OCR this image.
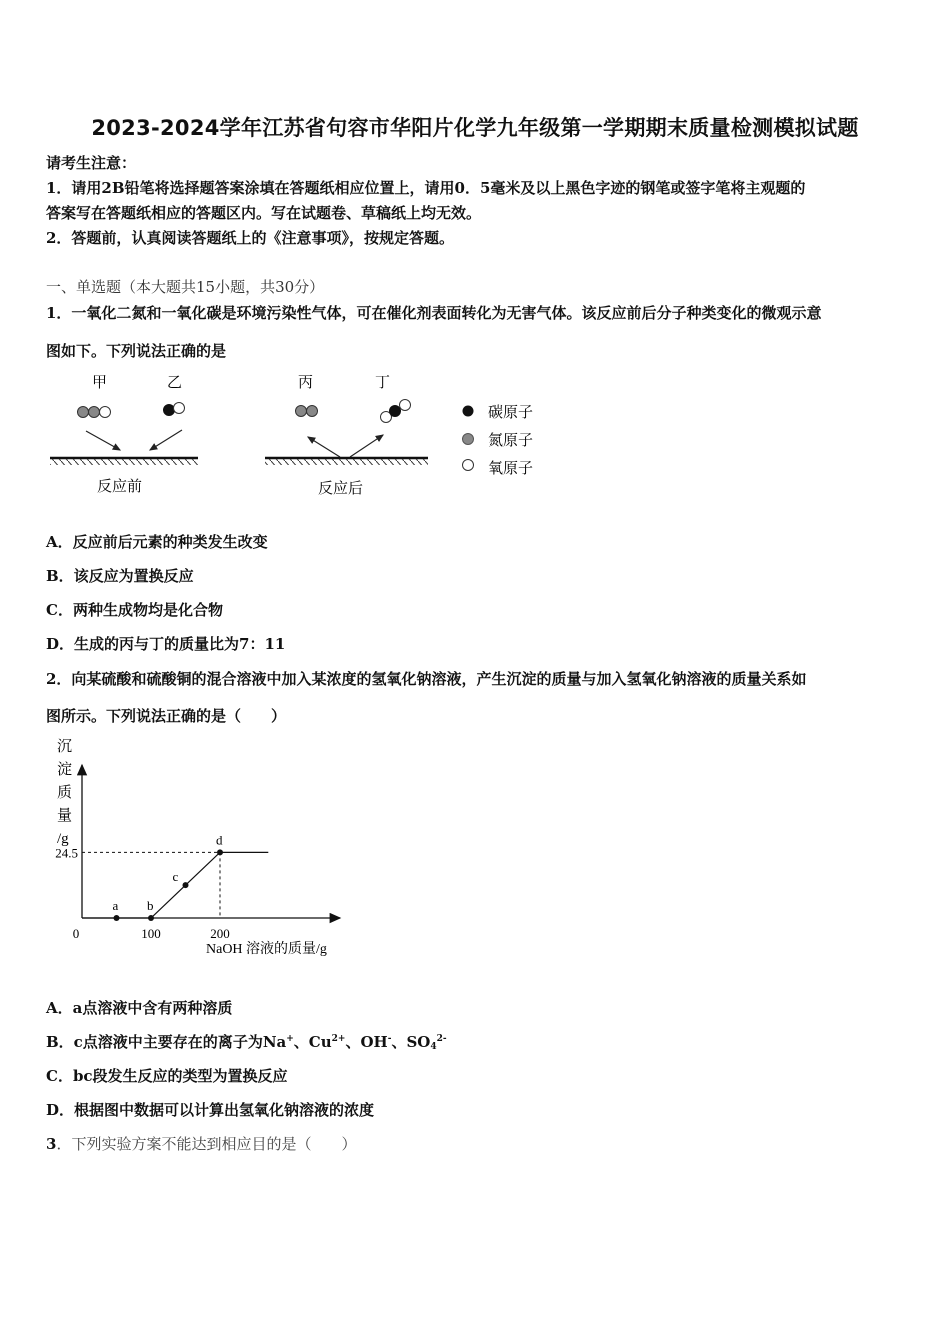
2023-2024学年江苏省句容市华阳片化学九年级第一学期期末质量检测模拟试题
请考生注意：
1．请用2B铅笔将选择题答案涂填在答题纸相应位置上，请用0．5毫米及以上黑色字迹的钢笔或签字笔将主观题的
答案写在答题纸相应的答题区内。写在试题卷、草稿纸上均无效。
2．答题前，认真阅读答题纸上的《注意事项》，按规定答题。
一、单选题（本大题共15小题，共30分）
1．一氧化二氮和一氧化碳是环境污染性气体，可在催化剂表面转化为无害气体。该反应前后分子种类变化的微观示意
图如下。下列说法正确的是
甲	乙	丙	丁
反应前	反应后
碳原子
氮原子
氧原子
A．反应前后元素的种类发生改变
B．该反应为置换反应
C．两种生成物均是化合物
D．生成的丙与丁的质量比为7：11
2．向某硫酸和硫酸铜的混合溶液中加入某浓度的氢氧化钠溶液，产生沉淀的质量与加入氢氧化钠溶液的质量关系如
图所示。下列说法正确的是（　　）
沉
淀
质
量
/g
a b
c
d
0	100	200
24.5
NaOH 溶液的质量/g
A．a点溶液中含有两种溶质
B．c点溶液中主要存在的离子为Na+、$Cu^{2+}$、OH-、$SO_4^{2-}$
C．bc段发生反应的类型为置换反应
D．根据图中数据可以计算出氢氧化钠溶液的浓度
3．下列实验方案不能达到相应目的是（　　）
